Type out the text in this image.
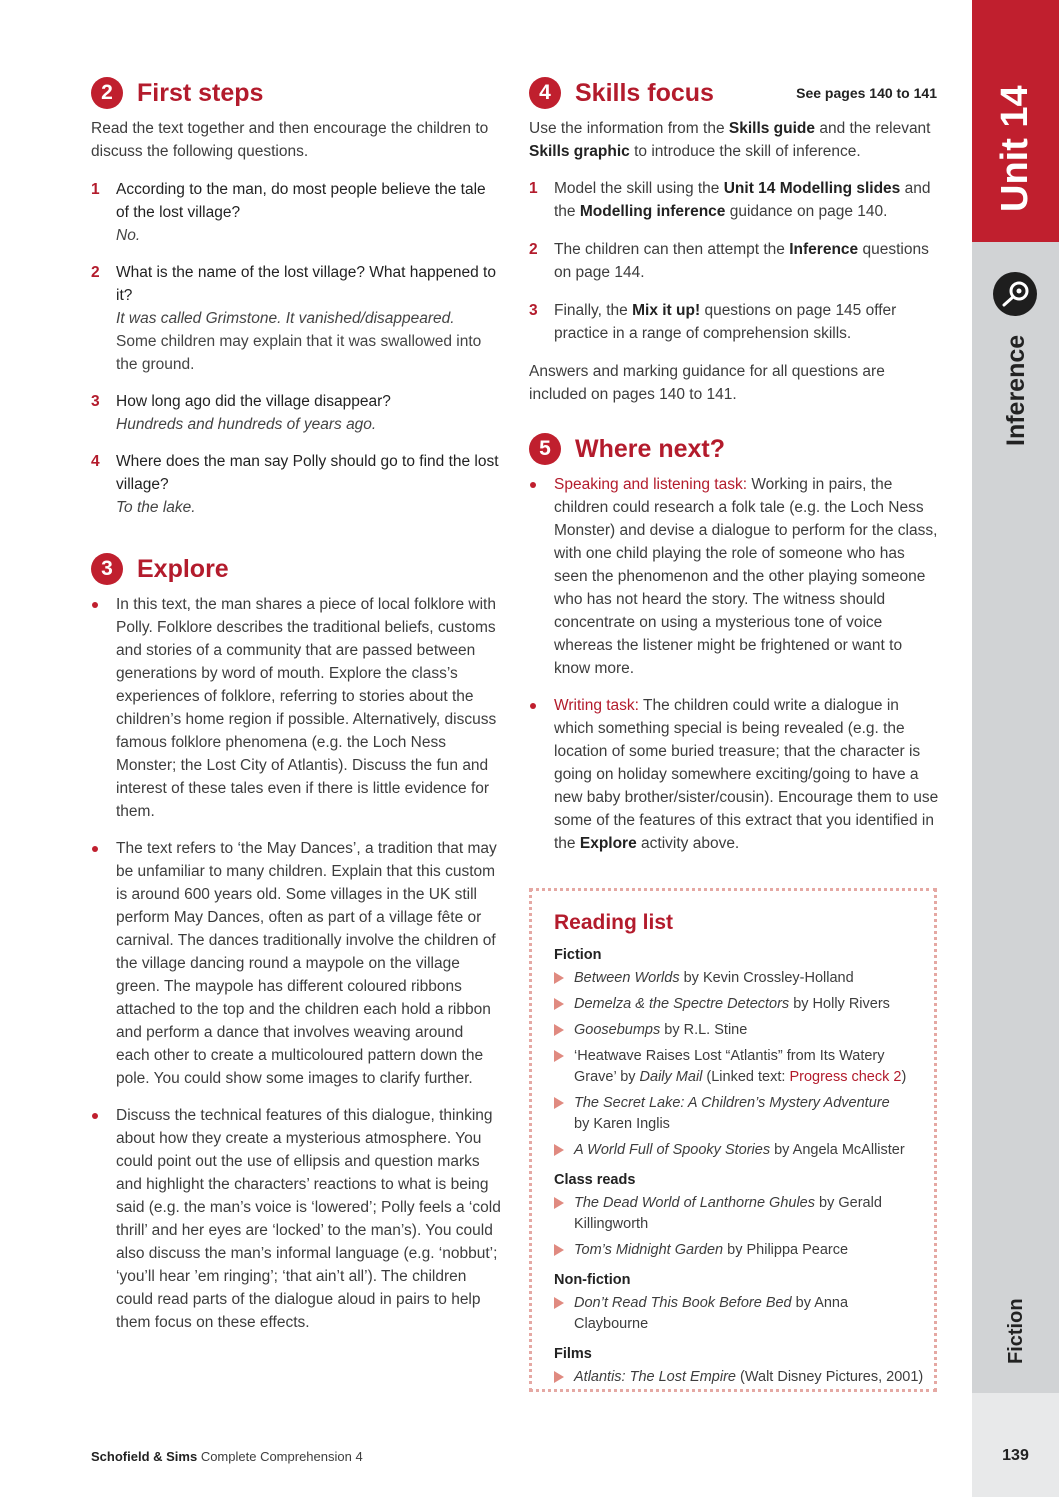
2 First steps

Read the text together and then encourage the children to discuss the following questions.

1	According to the man, do most people believe the tale of the lost village?
No.
2	What is the name of the lost village? What happened to it?
It was called Grimstone. It vanished/disappeared.
Some children may explain that it was swallowed into the ground.
3	How long ago did the village disappear?
Hundreds and hundreds of years ago.
4	Where does the man say Polly should go to find the lost village?
To the lake.
3 Explore
In this text, the man shares a piece of local folklore with Polly. Folklore describes the traditional beliefs, customs and stories of a community that are passed between generations by word of mouth. Explore the class’s experiences of folklore, referring to stories about the children’s home region if possible. Alternatively, discuss famous folklore phenomena (e.g. the Loch Ness Monster; the Lost City of Atlantis). Discuss the fun and interest of these tales even if there is little evidence for them.
The text refers to ‘the May Dances’, a tradition that may be unfamiliar to many children. Explain that this custom is around 600 years old. Some villages in the UK still perform May Dances, often as part of a village fête or carnival. The dances traditionally involve the children of the village dancing round a maypole on the village green. The maypole has different coloured ribbons attached to the top and the children each hold a ribbon and perform a dance that involves weaving around each other to create a multicoloured pattern down the pole. You could show some images to clarify further.
Discuss the technical features of this dialogue, thinking about how they create a mysterious atmosphere. You could point out the use of ellipsis and question marks and highlight the characters’ reactions to what is being said (e.g. the man’s voice is ‘lowered’; Polly feels a ‘cold thrill’ and her eyes are ‘locked’ to the man’s). You could also discuss the man’s informal language (e.g. ‘nobbut’; ‘you’ll hear ’em ringing’; ‘that ain’t all’). The children could read parts of the dialogue aloud in pairs to help them focus on these effects.
4 Skills focus	See pages 140 to 141

Use the information from the Skills guide and the relevant Skills graphic to introduce the skill of inference.

1	Model the skill using the Unit 14 Modelling slides and the Modelling inference guidance on page 140.
2	The children can then attempt the Inference questions on page 144.
3	Finally, the Mix it up! questions on page 145 offer practice in a range of comprehension skills.

Answers and marking guidance for all questions are included on pages 140 to 141.

5 Where next?
Speaking and listening task: Working in pairs, the children could research a folk tale (e.g. the Loch Ness Monster) and devise a dialogue to perform for the class, with one child playing the role of someone who has seen the phenomenon and the other playing someone who has not heard the story. The witness should concentrate on using a mysterious tone of voice whereas the listener might be frightened or want to know more.
Writing task: The children could write a dialogue in which something special is being revealed (e.g. the location of some buried treasure; that the character is going on holiday somewhere exciting/going to have a new baby brother/sister/cousin). Encourage them to use some of the features of this extract that you identified in the Explore activity above.
Reading list

Fiction

Between Worlds by Kevin Crossley-Holland
Demelza & the Spectre Detectors by Holly Rivers
Goosebumps by R.L. Stine
‘Heatwave Raises Lost “Atlantis” from Its Watery Grave’ by Daily Mail (Linked text: Progress check 2)
The Secret Lake: A Children’s Mystery Adventure
by Karen Inglis
A World Full of Spooky Stories by Angela McAllister

Class reads

The Dead World of Lanthorne Ghules by Gerald Killingworth
Tom’s Midnight Garden by Philippa Pearce

Non-fiction

Don’t Read This Book Before Bed by Anna Claybourne

Films

Atlantis: The Lost Empire (Walt Disney Pictures, 2001)
Unit 14
Inference
Fiction
139
Schofield & Sims Complete Comprehension 4
